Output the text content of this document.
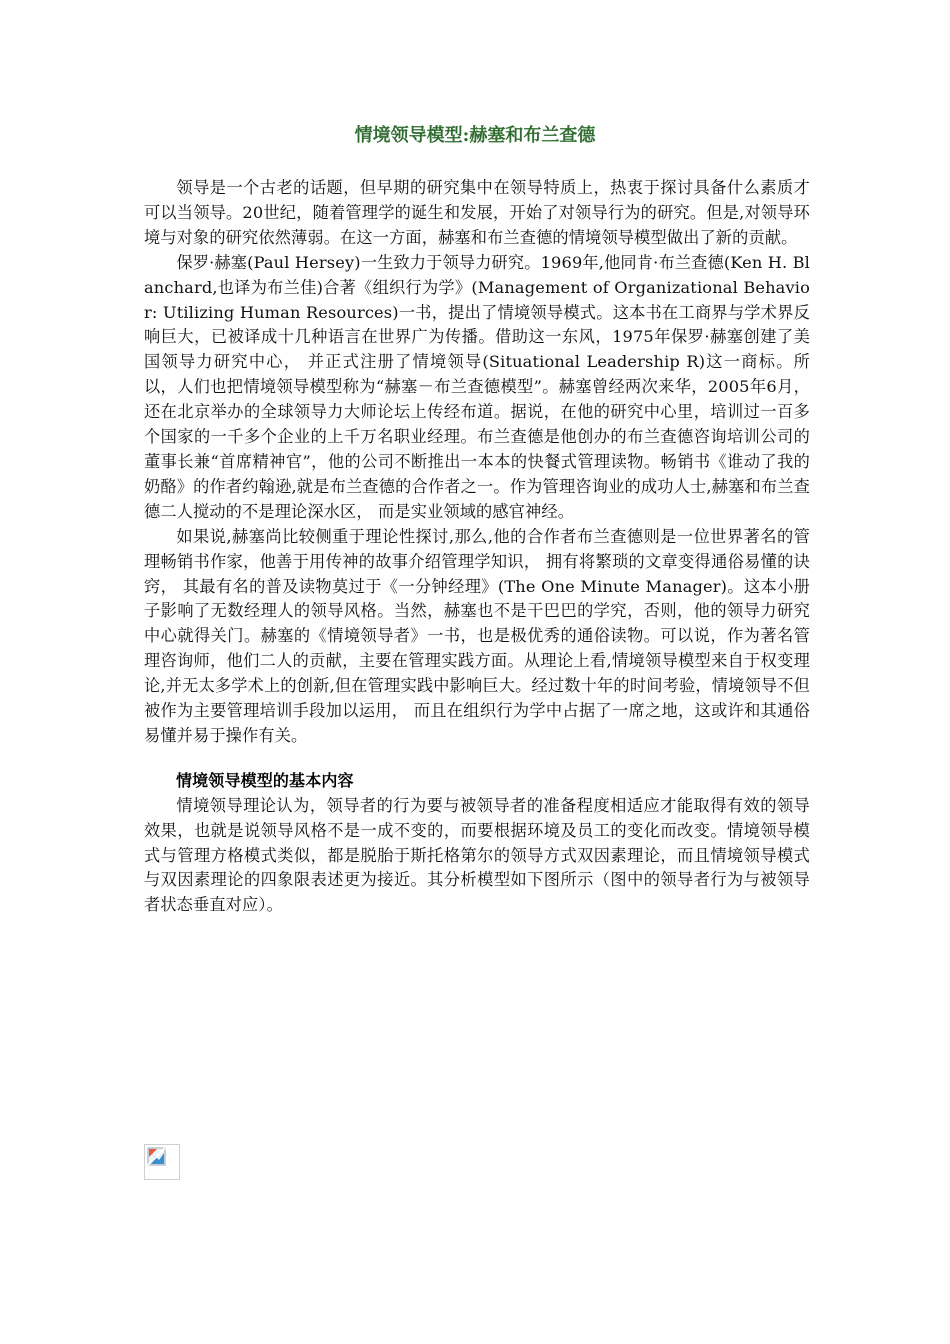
情境领导模型:赫塞和布兰查德

领导是一个古老的话题，但早期的研究集中在领导特质上，热衷于探讨具备什么素质才可以当领导。20世纪，随着管理学的诞生和发展，开始了对领导行为的研究。但是,对领导环境与对象的研究依然薄弱。在这一方面，赫塞和布兰查德的情境领导模型做出了新的贡献。

保罗·赫塞(Paul Hersey)一生致力于领导力研究。1969年,他同肯·布兰查德(Ken H. Blanchard,也译为布兰佳)合著《组织行为学》(Management of Organizational Behavior: Utilizing Human Resources)一书，提出了情境领导模式。这本书在工商界与学术界反响巨大，已被译成十几种语言在世界广为传播。借助这一东风，1975年保罗·赫塞创建了美国领导力研究中心， 并正式注册了情境领导(Situational Leadership R)这一商标。所以，人们也把情境领导模型称为“赫塞－布兰查德模型”。赫塞曾经两次来华，2005年6月，还在北京举办的全球领导力大师论坛上传经布道。据说，在他的研究中心里，培训过一百多个国家的一千多个企业的上千万名职业经理。布兰查德是他创办的布兰查德咨询培训公司的董事长兼“首席精神官”，他的公司不断推出一本本的快餐式管理读物。畅销书《谁动了我的奶酪》的作者约翰逊,就是布兰查德的合作者之一。作为管理咨询业的成功人士,赫塞和布兰查德二人搅动的不是理论深水区， 而是实业领域的感官神经。

如果说,赫塞尚比较侧重于理论性探讨,那么,他的合作者布兰查德则是一位世界著名的管理畅销书作家，他善于用传神的故事介绍管理学知识， 拥有将繁琐的文章变得通俗易懂的诀窍， 其最有名的普及读物莫过于《一分钟经理》(The One Minute Manager)。这本小册子影响了无数经理人的领导风格。当然，赫塞也不是干巴巴的学究，否则，他的领导力研究中心就得关门。赫塞的《情境领导者》一书，也是极优秀的通俗读物。可以说，作为著名管理咨询师，他们二人的贡献，主要在管理实践方面。从理论上看,情境领导模型来自于权变理论,并无太多学术上的创新,但在管理实践中影响巨大。经过数十年的时间考验，情境领导不但被作为主要管理培训手段加以运用， 而且在组织行为学中占据了一席之地，这或许和其通俗易懂并易于操作有关。

情境领导模型的基本内容

情境领导理论认为，领导者的行为要与被领导者的准备程度相适应才能取得有效的领导效果，也就是说领导风格不是一成不变的，而要根据环境及员工的变化而改变。情境领导模式与管理方格模式类似，都是脱胎于斯托格第尔的领导方式双因素理论，而且情境领导模式与双因素理论的四象限表述更为接近。其分析模型如下图所示（图中的领导者行为与被领导者状态垂直对应）。
